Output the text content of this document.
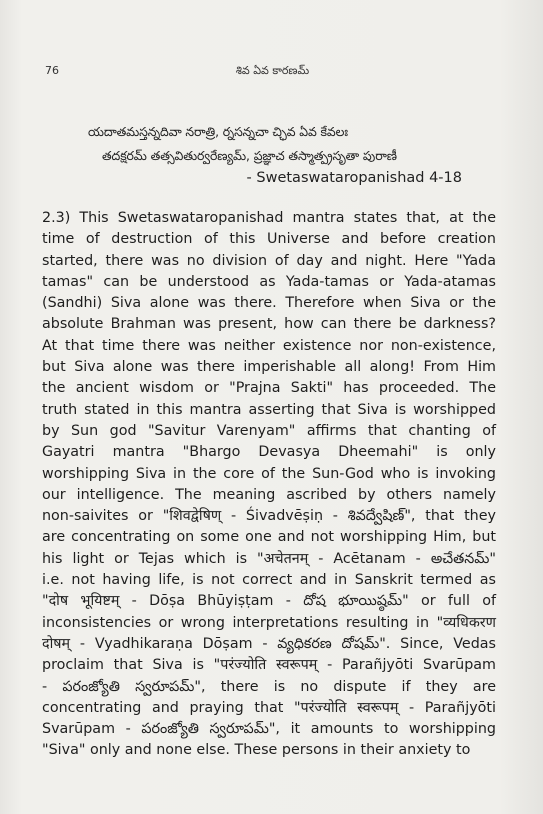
76	శివ ఏవ కారణమ్
యదాతమస్తన్నదివా నరాత్రి, ర్నసన్నచా చ్ఛివ ఏవ కేవలః
తదక్షరమ్ తత్సవితుర్వరేణ్యమ్, ప్రజ్ఞాచ తస్మాత్ప్రసృతా పురాణీ
- Swetaswataropanishad 4-18
2.3) This Swetaswataropanishad mantra states that, at the
time of destruction of this Universe and before creation
started, there was no division of day and night. Here "Yada
tamas" can be understood as Yada-tamas or Yada-atamas
(Sandhi) Siva alone was there. Therefore when Siva or the
absolute Brahman was present, how can there be darkness?
At that time there was neither existence nor non-existence,
but Siva alone was there imperishable all along! From Him
the ancient wisdom or "Prajna Sakti" has proceeded. The
truth stated in this mantra asserting that Siva is worshipped
by Sun god "Savitur Varenyam" affirms that chanting of
Gayatri mantra "Bhargo Devasya Dheemahi" is only
worshipping Siva in the core of the Sun-God who is invoking
our intelligence. The meaning ascribed by others namely
non-saivites or "शिवद्वेषिण् - Śivadvēṣiṇ - శివద్వేషిణ్", that they
are concentrating on some one and not worshipping Him, but
his light or Tejas which is "अचेतनम् - Acētanam - అచేతనమ్"
i.e. not having life, is not correct and in Sanskrit termed as
"दोष भूयिष्टम् - Dōṣa Bhūyiṣṭam - దోష భూయిష్ఠమ్" or full of
inconsistencies or wrong interpretations resulting in "व्यधिकरण
दोषम् - Vyadhikaraṇa Dōṣam - వ్యధికరణ దోషమ్". Since, Vedas
proclaim that Siva is "परंज्योति स्वरूपम् - Parañjyōti Svarūpam
- పరంజ్యోతి స్వరూపమ్", there is no dispute if they are
concentrating and praying that "परंज्योति स्वरूपम् - Parañjyōti
Svarūpam - పరంజ్యోతి స్వరూపమ్", it amounts to worshipping
"Siva" only and none else. These persons in their anxiety to
